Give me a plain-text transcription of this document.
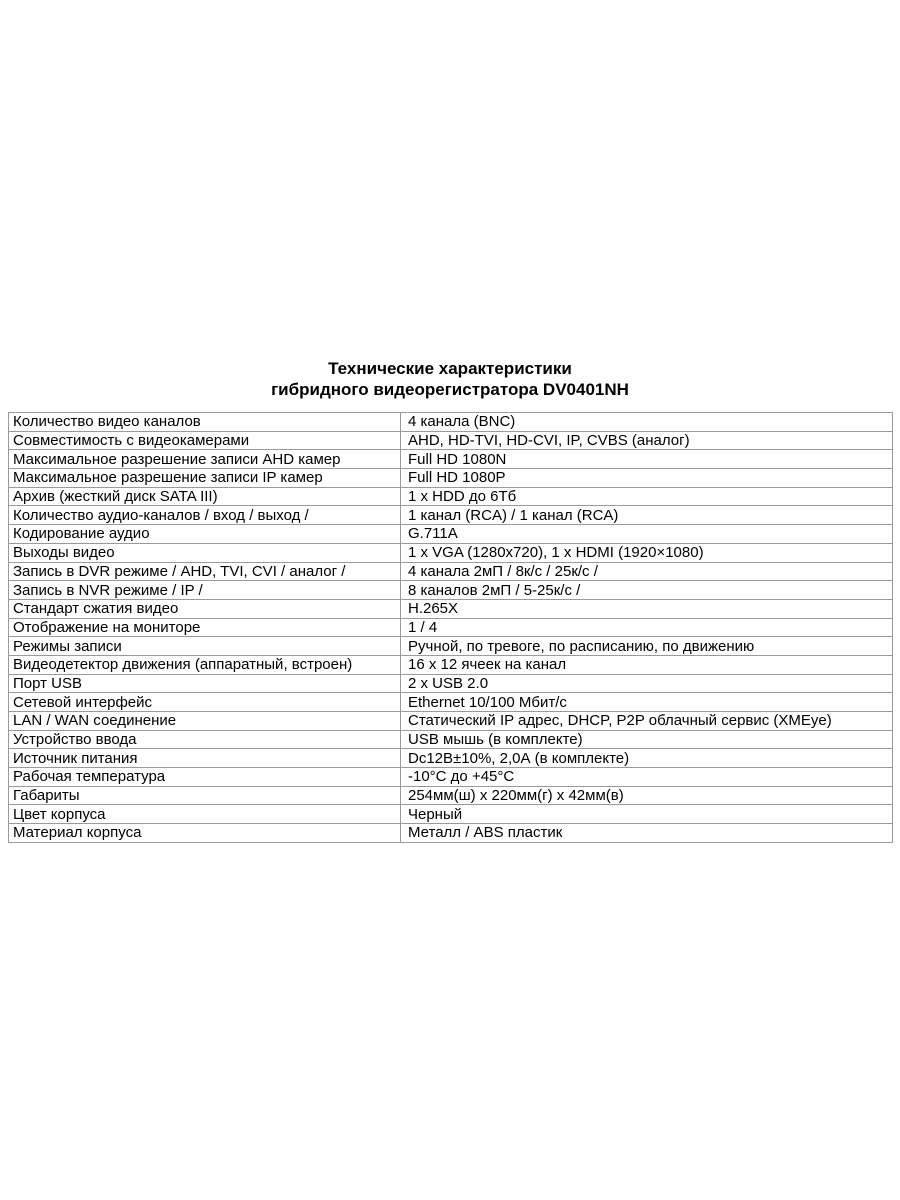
Технические характеристики
гибридного видеорегистратора DV0401NH
Количество видео каналов	4 канала (BNC)
Совместимость с видеокамерами	AHD, HD-TVI, HD-CVI, IP, CVBS (аналог)
Максимальное разрешение записи AHD камер	Full HD 1080N
Максимальное разрешение записи IP камер	Full HD 1080P
Архив (жесткий диск SATA III)	1 x HDD до 6Тб
Количество аудио-каналов / вход / выход /	1 канал (RCA) / 1 канал (RCA)
Кодирование аудио	G.711A
Выходы видео	1 x VGA (1280x720), 1 x HDMI (1920×1080)
Запись в DVR режиме / AHD, TVI, CVI / аналог /	4 канала 2мП / 8к/с / 25к/с /
Запись в NVR режиме / IP /	8 каналов 2мП / 5-25к/с /
Стандарт сжатия видео	H.265X
Отображение на мониторе	1 / 4
Режимы записи	Ручной, по тревоге, по расписанию, по движению
Видеодетектор движения (аппаратный, встроен)	16 x 12 ячеек на канал
Порт USB	2 x USB 2.0
Сетевой интерфейс	Ethernet 10/100 Мбит/с
LAN / WAN соединение	Статический IP адрес, DHCP, P2P облачный сервис (XMEye)
Устройство ввода	USB мышь (в комплекте)
Источник питания	Dc12В±10%, 2,0А (в комплекте)
Рабочая температура	-10°C до +45°C
Габариты	254мм(ш) x 220мм(г) x 42мм(в)
Цвет корпуса	Черный
Материал корпуса	Металл / ABS пластик
